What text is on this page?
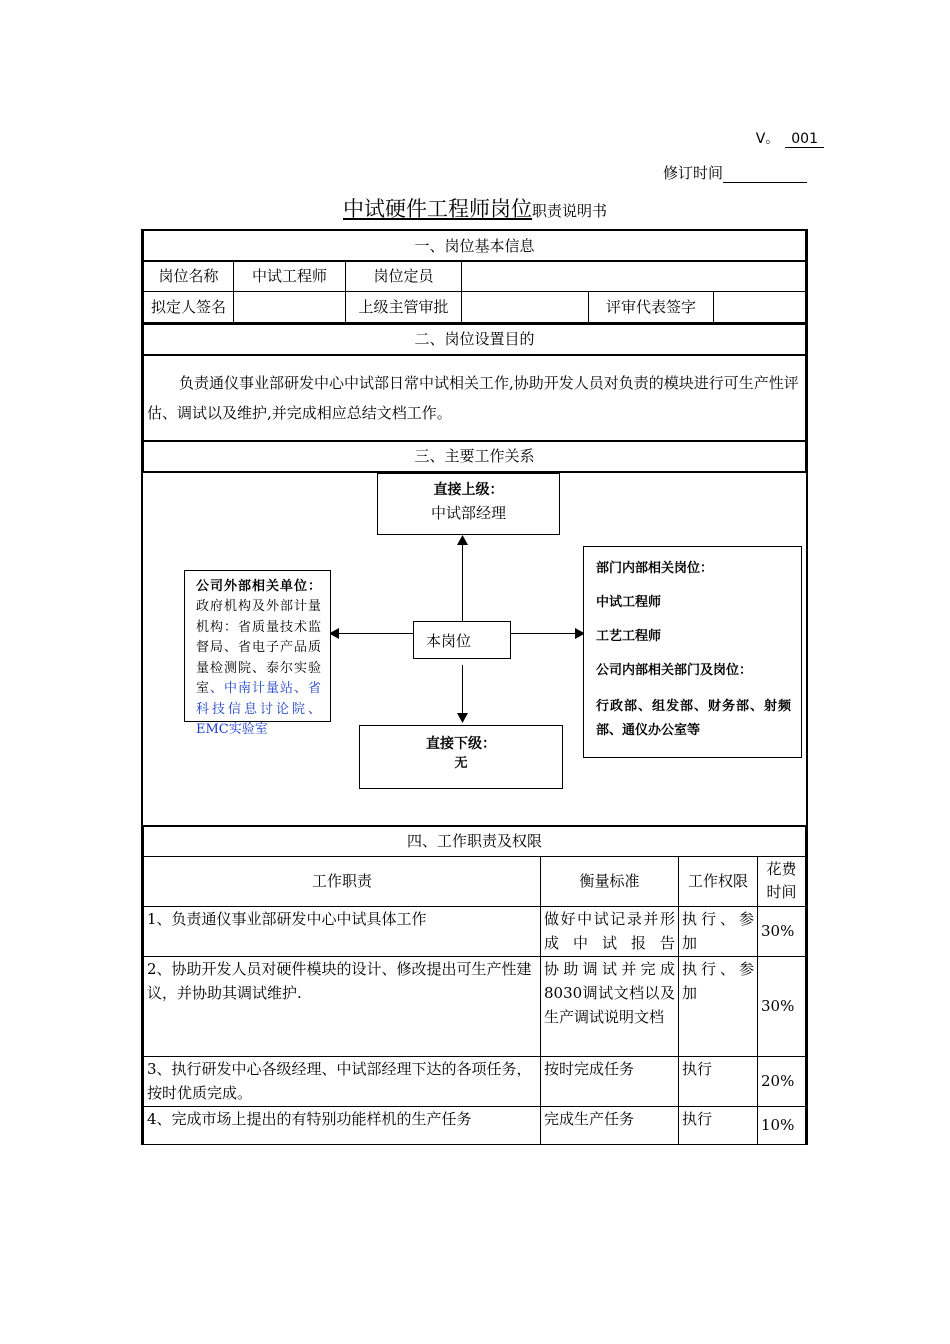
V。 001
修订时间
中试硬件工程师岗位职责说明书
一、岗位基本信息					
岗位名称	中试工程师	岗位定员			
拟定人签名		上级主管审批		评审代表签字	
二、岗位设置目的
负责通仪事业部研发中心中试部日常中试相关工作,协助开发人员对负责的模块进行可生产性评估、调试以及维护,并完成相应总结文档工作。
三、主要工作关系
直接上级：
中试部经理
本岗位
直接下级：
无
公司外部相关单位：政府机构及外部计量机构：省质量技术监督局、省电子产品质量检测院、泰尔实验室、中南计量站、省科技信息讨论院、EMC实验室
部门内部相关岗位：
中试工程师
工艺工程师
公司内部相关部门及岗位：
行政部、组发部、财务部、射频部、通仪办公室等
四、工作职责及权限			
工作职责	衡量标准	工作权限	花费时间
1、负责通仪事业部研发中心中试具体工作	做好中试记录并形成中试报告	执行、参加	30%
2、协助开发人员对硬件模块的设计、修改提出可生产性建议，并协助其调试维护.	协助调试并完成8030调试文档以及生产调试说明文档	执行、参加	30%
3、执行研发中心各级经理、中试部经理下达的各项任务，按时优质完成。	按时完成任务	执行	20%
4、完成市场上提出的有特别功能样机的生产任务	完成生产任务	执行	10%
